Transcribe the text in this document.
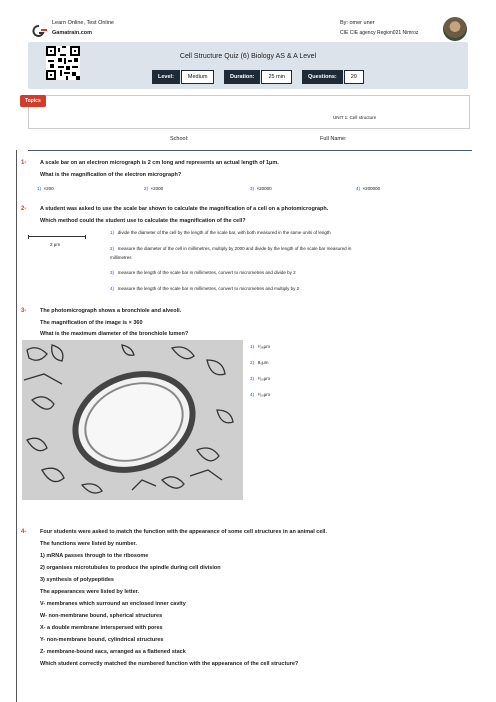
Learn Online, Test Online
Gamatrain.com
By: omer uner
CIE CIE agency Region021 Nimroz
Cell Structure Quiz (6) Biology AS & A Level
Level:	Medium	Duration:	25 min	Questions:	20
Topics
UNIT 1: Cell structure
School:	Full Name:
1- A scale bar on an electron micrograph is 2 cm long and represents an actual length of 1μm.
What is the magnification of the electron micrograph?
1) ×200	2) ×2000	3) ×20000	4) ×200000
2- A student was asked to use the scale bar shown to calculate the magnification of a cell on a photomicrograph.
Which method could the student use to calculate the magnification of the cell?
2 μm
1) divide the diameter of the cell by the length of the scale bar, with both measured in the same units of length
2) measure the diameter of the cell in millimetres, multiply by 2000 and divide by the length of the scale bar measured in
millimetres
3) measure the length of the scale bar in millimetres, convert to micrometres and divide by 2
4) measure the length of the scale bar in millimetres, convert to micrometres and multiply by 2
3- The photomicrograph shows a bronchiole and alveoli.
The magnification of the image is × 360
What is the maximum diameter of the bronchiole lumen?
1) ¹⁄₃₆μm
2) 8₀μm
3) ¹⁄₅₀μm
4) ¹⁄₅₀μm
4- Four students were asked to match the function with the appearance of some cell structures in an animal cell.
The functions were listed by number.
1) mRNA passes through to the ribosome
2) organises microtubules to produce the spindle during cell division
3) synthesis of polypeptides
The appearances were listed by letter.
V- membranes which surround an enclosed inner cavity
W- non-membrane bound, spherical structures
X- a double membrane interspersed with pores
Y- non-membrane bound, cylindrical structures
Z- membrane-bound sacs, arranged as a flattened stack
Which student correctly matched the numbered function with the appearance of the cell structure?
